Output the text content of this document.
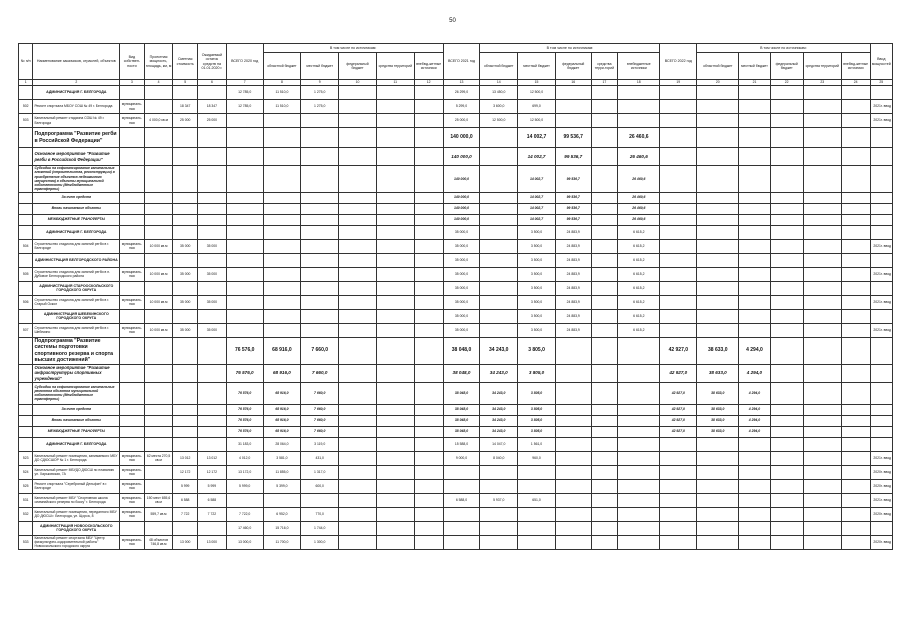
50
№ п/п	Наименование заказчиков, отраслей, объектов	Вид собствен-ности	Проектная мощность, площадь, км, м	Сметная стоимость	Ожидаемый остаток средств на 01.01.2020 г.	ВСЕГО 2020 год	В том числе по источникам:					ВСЕГО 2021 год	В том числе по источникам:					ВСЕГО 2022 год	В том числе по источникам:					Ввод мощностей
							областной бюджет	местный бюджет	федеральный бюджет	средства территорий	внебюд-жетные источники		областной бюджет	местный бюджет	федеральный бюджет	средства терри-торий	внебюджетные источники		областной бюджет	местный бюджет	федеральный бюджет	средства территорий	внебюд-жетные источники	
1	2	3	4	5	6	7	8	9	10	11	12	13	14	15	16	17	18	19	20	21	22	23	24	25
	АДМИНИСТРАЦИЯ Г. БЕЛГОРОДА					12 785,0	11 510,0	1 275,0				26 299,0	13 450,0	12 500,0										
502	Ремонт спортзала МБОУ СОШ № 49 г. Белгорода	муниципаль-ная		18 347	18 347	12 785,0	11 510,0	1 275,0				5 299,0	3 600,0	699,0										2021г. ввод
503	Капитальный ремонт стадиона СОШ № 49 г. Белгорода	муниципаль-ная	4 000,0 кв.м	25 000	25 000							25 000,0	12 500,0	12 500,0										2021г. ввод
	Подпрограмма "Развитие регби в Российской Федерации"											140 000,0		14 002,7	99 536,7		26 460,6							
	Основное мероприятие "Развитие регби в Российской Федерации"											140 000,0		14 002,7	99 536,7		26 460,6							
	Субсидии на софинансирование капитальных вложений (строительства, реконструкции) в приобретение объектов недвижимого имущества) в объекты муниципальной собственности (Межбюджетные трансферты)											140 000,0		14 002,7	99 536,7		26 460,6							
	За счет средств											140 000,0		14 002,7	99 536,7		26 460,6							
	Вновь начинаемые объекты											140 000,0		14 002,7	99 536,7		26 460,6							
	МЕЖБЮДЖЕТНЫЕ ТРАНСФЕРТЫ											140 000,0		14 002,7	99 536,7		26 460,6							
	АДМИНИСТРАЦИЯ Г. БЕЛГОРОДА											35 000,0		3 500,0	24 883,9		6 615,2							
504	Строительство стадиона для занятий регби в г. Белгороде	муниципаль-ная	10 000 кв.м	35 000	35 000							35 000,0		3 500,0	24 883,9		6 615,2							2021г. ввод
	АДМИНИСТРАЦИЯ БЕЛГОРОДСКОГО РАЙОНА											35 000,0		3 500,0	24 883,9		6 615,2							
505	Строительство стадиона для занятий регби в п. Дубовое Белгородского района	муниципаль-ная	10 000 кв.м	35 000	35 000							35 000,0		3 500,0	24 883,9		6 615,2							2021г. ввод
	АДМИНИСТРАЦИЯ СТАРООСКОЛЬСКОГО ГОРОДСКОГО ОКРУГА											35 000,0		3 500,0	24 883,9		6 615,2							
506	Строительство стадиона для занятий регби в г. Старый Оскол	муниципаль-ная	10 000 кв.м	35 000	35 000							35 000,0		3 500,0	24 883,9		6 615,2							2021г. ввод
	АДМИНИСТРАЦИЯ ШЕБЕКИНСКОГО ГОРОДСКОГО ОКРУГА											35 000,0		3 500,0	24 883,9		6 615,2							
507	Строительство стадиона для занятий регби в г. Шебекино	муниципаль-ная	10 000 кв.м	35 000	35 000							35 000,0		3 500,0	24 883,9		6 615,2							2021г. ввод
	Подпрограмма "Развитие системы подготовки спортивного резерва и спорта высших достижений"					76 576,0	68 916,0	7 660,0				38 048,0	34 243,0	3 805,0				42 927,0	38 633,0	4 294,0				
	Основное мероприятие "Развитие инфраструктуры спортивных учреждений"					76 576,0	68 916,0	7 660,0				38 048,0	34 243,0	3 805,0				42 927,0	38 633,0	4 294,0				
	Субсидии на софинансирование капитальных ремонтов объектов муниципальной собственности (Межбюджетные трансферты)					76 576,0	68 916,0	7 660,0				38 048,0	34 243,0	3 805,0				42 927,0	38 633,0	4 294,0				
	За счет средств					76 576,0	68 916,0	7 660,0				38 048,0	34 243,0	3 805,0				42 927,0	38 633,0	4 294,0				
	Вновь начинаемые объекты					76 576,0	68 916,0	7 660,0				38 048,0	34 243,0	3 805,0				42 927,0	38 633,0	4 294,0				
	МЕЖБЮДЖЕТНЫЕ ТРАНСФЕРТЫ					76 576,0	68 916,0	7 660,0				38 048,0	34 243,0	3 805,0				42 927,0	38 633,0	4 294,0				
	АДМИНИСТРАЦИЯ Г. БЕЛГОРОДА					31 183,0	28 064,0	3 119,0				15 588,0	14 047,0	1 561,0										
523	Капитальный ремонт помещения, занимаемого МБУ ДО СДЮСШОР № 1 г. Белгорода	муниципаль-ная	62 места 270,5 кв.м	13 012	13 012	4 012,0	3 581,0	431,0				9 000,0	8 040,0	960,0										2021г. ввод
524	Капитальный ремонт МБУДО ДЮСШ по плаванию ул. Харьковская, 7А	муниципаль-ная		12 172	12 172	13 172,0	11 855,0	1 317,0																2020г. ввод
525	Ремонт спортзала "Серебряный Дельфин" в г. Белгороде	муниципаль-ная		5 999	5 999	5 999,0	5 399,0	600,0																2020г. ввод
531	Капитальный ремонт МБУ "Спортивная школа олимпийского резерва по боксу" г. Белгорода	муниципаль-ная	150 мест 655,6 кв.м	6 588	6 588							6 588,0	5 937,0	651,0										2021г. ввод
532	Капитальный ремонт помещения, переданного МБУ ДО ДЮСШ г. Белгорода, ул. Щорса, 8	муниципаль-ная	559,7 кв.м	7 722	7 722	7 722,0	6 952,0	770,0																2020г. ввод
	АДМИНИСТРАЦИЯ НОВООСКОЛЬСКОГО ГОРОДСКОГО ОКРУГА					17 460,0	15 716,0	1 744,0																
533	Капитальный ремонт спортзала МБУ "Центр физкультурно-оздоровительной работы" Новооскольского городского округа	муниципаль-ная	48 объектов 746,8 кв.м	13 000	13 000	13 000,0	11 700,0	1 300,0																2020г. ввод
